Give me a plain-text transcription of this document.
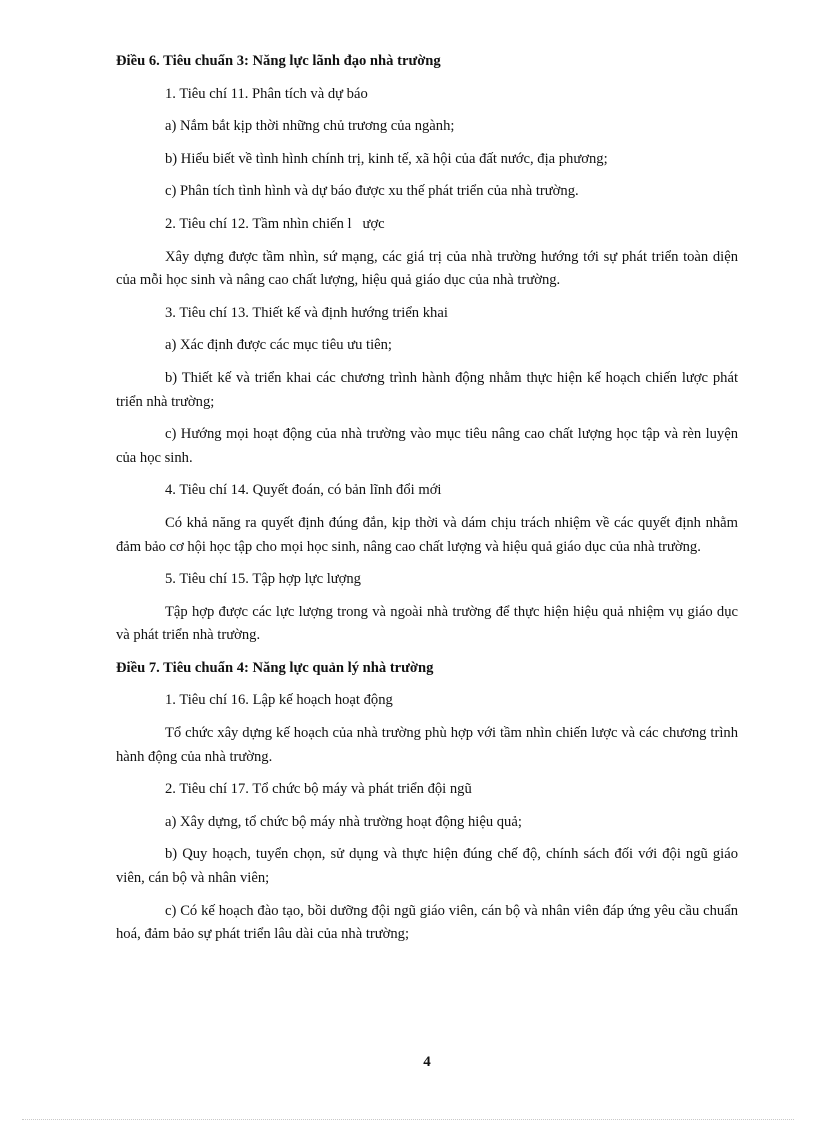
Điều 6. Tiêu chuẩn 3: Năng lực lãnh đạo nhà trường

1. Tiêu chí 11. Phân tích và dự báo

a) Nắm bắt kịp thời những chủ trương của ngành;

b) Hiểu biết về tình hình chính trị, kinh tế, xã hội của đất nước, địa phương;

c) Phân tích tình hình và dự báo được xu thế phát triển của nhà trường.

2. Tiêu chí 12. Tầm nhìn chiến l   ược

Xây dựng được tầm nhìn, sứ mạng, các giá trị của nhà trường hướng tới sự phát triển toàn diện của mỗi học sinh và nâng cao chất lượng, hiệu quả giáo dục của nhà trường.

3. Tiêu chí 13. Thiết kế và định hướng triển khai

a) Xác định được các mục tiêu ưu tiên;

b) Thiết kế và triển khai các chương trình hành động nhằm thực hiện kế hoạch chiến lược phát triển nhà trường;

c) Hướng mọi hoạt động của nhà trường vào mục tiêu nâng cao chất lượng học tập và rèn luyện của học sinh.

4. Tiêu chí 14. Quyết đoán, có bản lĩnh đổi mới

Có khả năng ra quyết định đúng đắn, kịp thời và dám chịu trách nhiệm về các quyết định nhằm đảm bảo cơ hội học tập cho mọi học sinh, nâng cao chất lượng và hiệu quả giáo dục của nhà trường.

5. Tiêu chí 15. Tập hợp lực lượng

Tập hợp được các lực lượng trong và ngoài nhà trường để thực hiện hiệu quả nhiệm vụ giáo dục và phát triển nhà trường.

Điều 7. Tiêu chuẩn 4: Năng lực quản lý nhà trường

1. Tiêu chí 16. Lập kế hoạch hoạt động

Tổ chức xây dựng kế hoạch của nhà trường phù hợp với tầm nhìn chiến lược và các chương trình hành động của nhà trường.

2. Tiêu chí 17. Tổ chức bộ máy và phát triển đội ngũ

a) Xây dựng, tổ chức bộ máy nhà trường hoạt động hiệu quả;

b) Quy hoạch, tuyển chọn, sử dụng và thực hiện đúng chế độ, chính sách đối với đội ngũ giáo viên, cán bộ và nhân viên;

c) Có kế hoạch đào tạo, bồi dưỡng đội ngũ giáo viên, cán bộ và nhân viên đáp ứng yêu cầu chuẩn hoá, đảm bảo sự phát triển lâu dài của nhà trường;

4
